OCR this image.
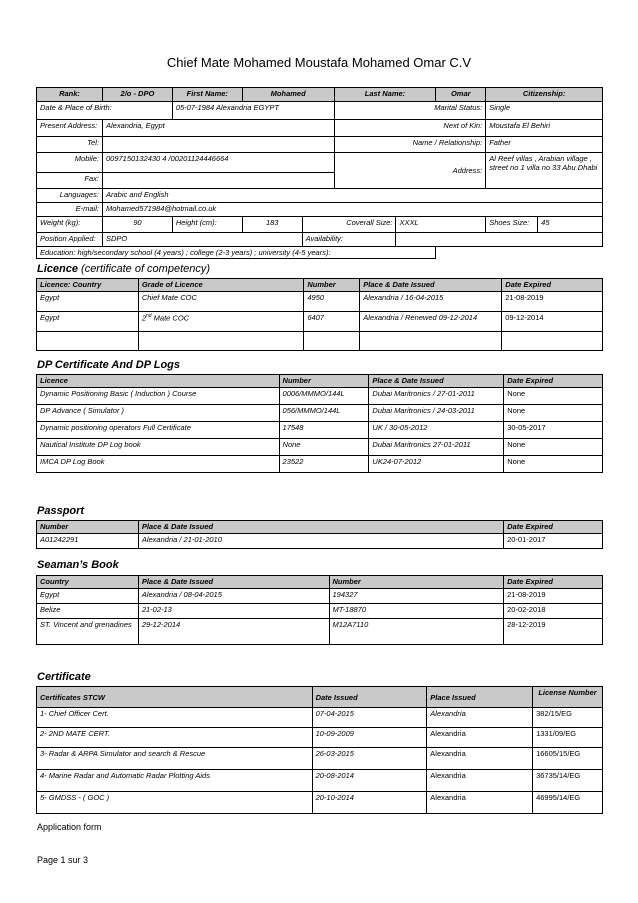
Chief Mate Mohamed Moustafa Mohamed Omar C.V
Rank:	2/o - DPO	First Name:	Mohamed		Last Name:		Omar	Citizenship:	
Date & Place of Birth:		05-07-1984 Alexandria EGYPT			Marital Status:			Single	
Present Address:	Alexandria, Egypt				Next of Kin:			Moustafa El Behiri	
Tel:					Name / Relationship:			Father	
Mobile:	0097150132430 4 /00201124446664				Address:			Al Reef villas , Arabian village , street no 1 villa no 33 Abu Dhabi	
Fax:									
Languages:	Arabic and English								
E-mail:	Mohamed571984@hotmail.co.uk								
Weight (kg):	90	Height (cm):	183	Coverall Size:		XXXL		Shoes Size:	45
Position Applied:	SDPO			Availability:					
Education: high/secondary school (4 years) ; college (2-3 years) ; university (4-5 years):									
Licence (certificate of competency)
Licence: Country	Grade of Licence	Number	Place & Date Issued	Date Expired
Egypt	Chief Mate COC	4950	Alexandria / 16-04-2015	21-08-2019
Egypt	2nd Mate COC	6407	Alexandria / Renewed 09-12-2014	09-12-2014

DP Certificate And DP Logs
Licence	Number	Place & Date Issued	Date Expired
Dynamic Positioning Basic ( Induction ) Course	0006/MMMO/144L	Dubai Maritronics / 27-01-2011	None
DP Advance ( Simulator )	056/MMMO/144L	Dubai Maritronics / 24-03-2011	None
Dynamic positioning operators Full Certificate	17548	UK / 30-05-2012	30-05-2017
Nautical Institute DP Log book	None	Dubai Maritronics 27-01-2011	None
IMCA DP Log Book	23522	UK24-07-2012	None
Passport
Number	Place & Date Issued	Date Expired
A01242291	Alexandria / 21-01-2010	20-01-2017
Seaman’s Book
Country	Place & Date Issued	Number	Date Expired
Egypt	Alexandria / 08-04-2015	194327	21-08-2019
Belize	21-02-13	MT-18870	20-02-2018
ST. Vincent and grenadines	29-12-2014	M12A7110	28-12-2019
Certificate
Certificates STCW	Date Issued	Place Issued	License Number
1- Chief Officer Cert.	07-04-2015	Alexandria	382/15/EG
2- 2ND MATE CERT.	10-09-2009	Alexandria	1331/09/EG
3- Radar & ARPA Simulator and search & Rescue	26-03-2015	Alexandria	16605/15/EG
4- Marine Radar and Automatic Radar Plotting Aids	20-08-2014	Alexandria	36735/14/EG
5- GMDSS - ( GOC )	20-10-2014	Alexandria	46995/14/EG
Application form
Page 1 sur 3
